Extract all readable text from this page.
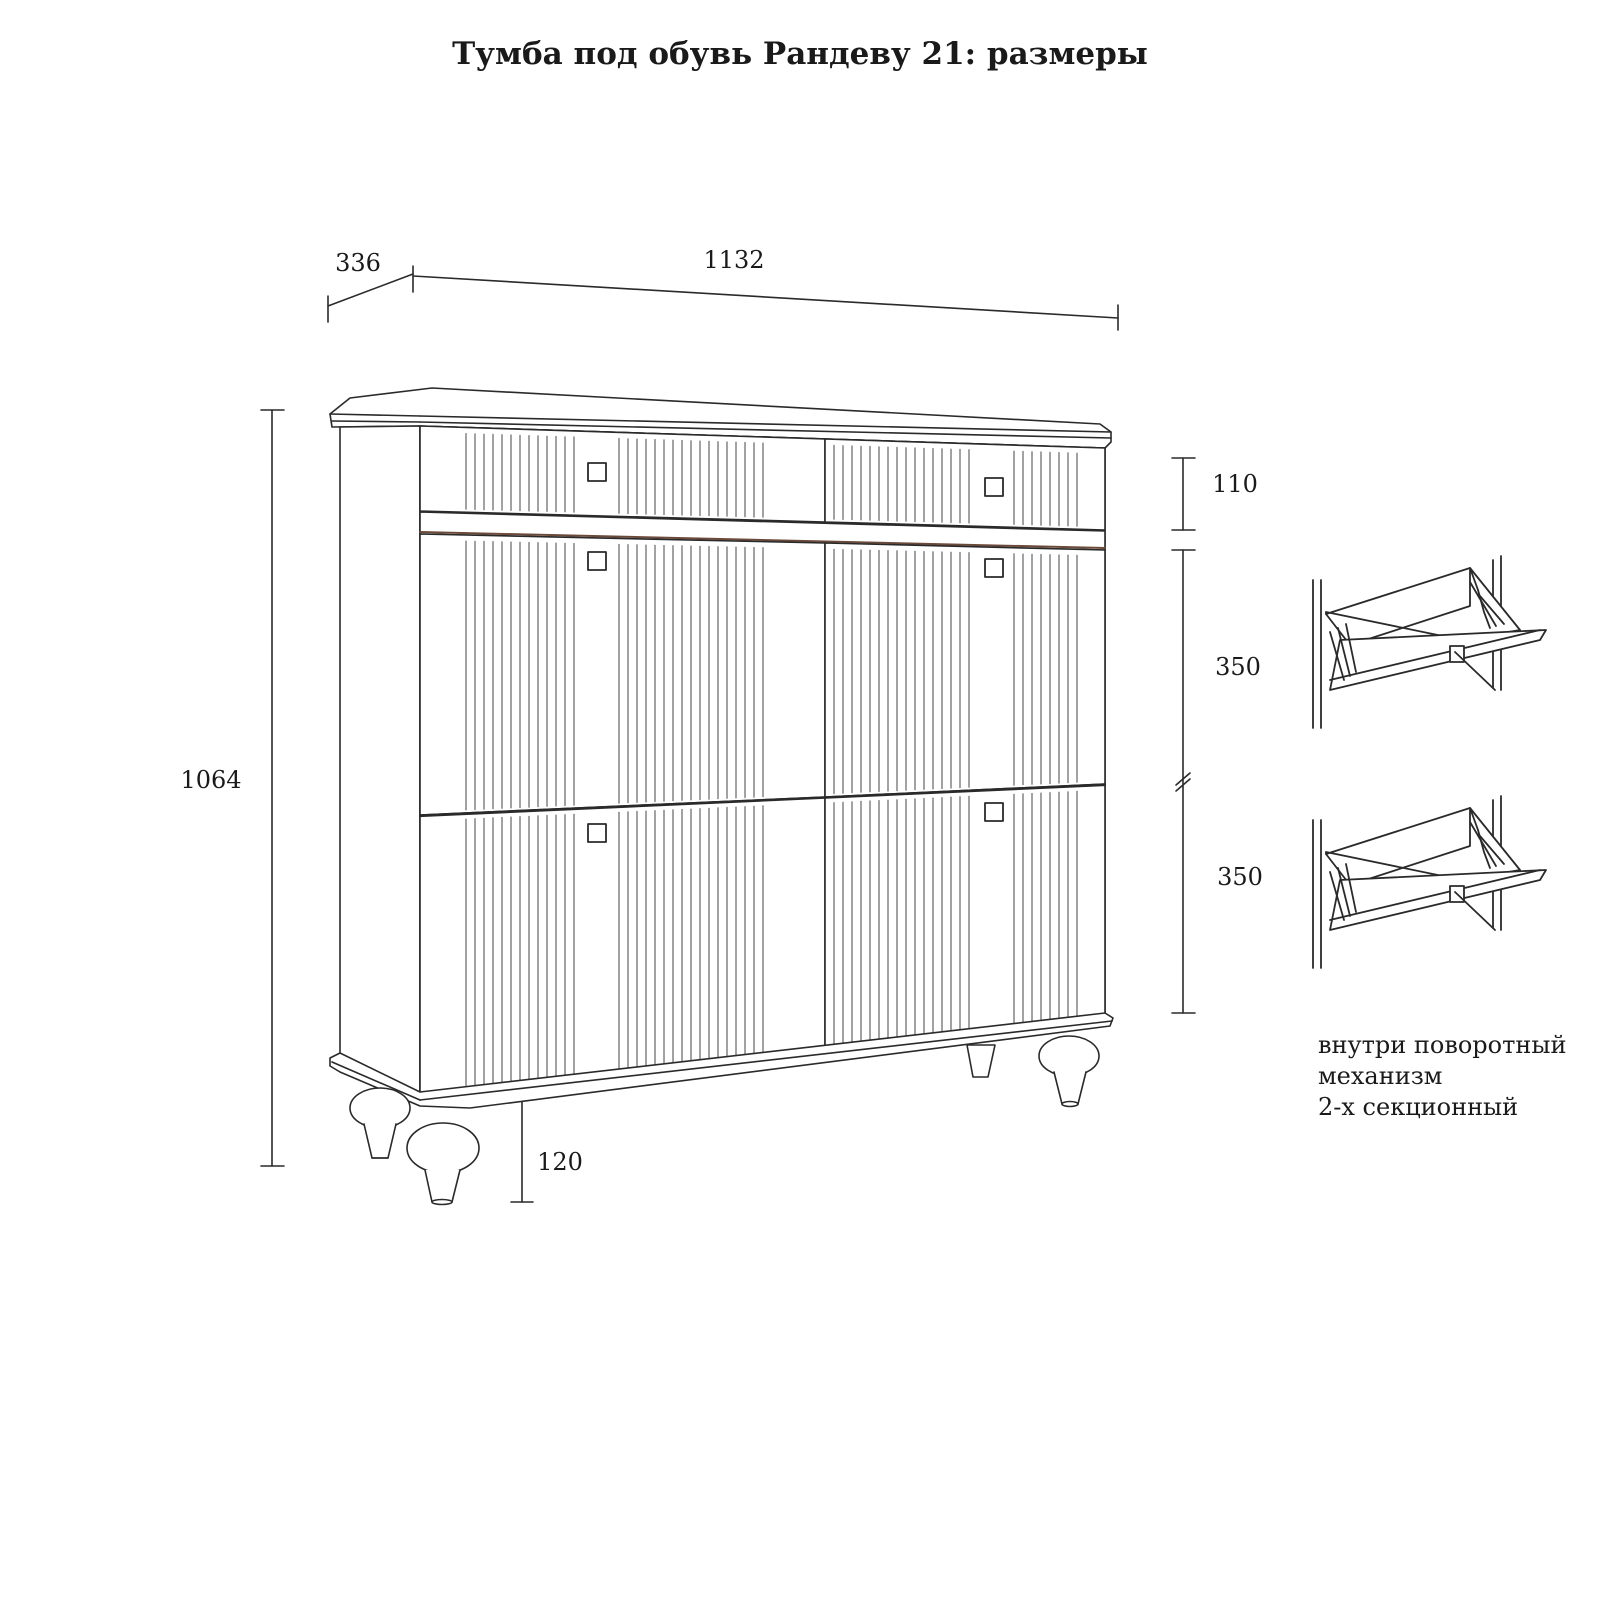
Тумба под обувь Рандеву 21: размеры
336	1132
1064
110
350
350
120
внутри поворотный
механизм
2-х секционный
